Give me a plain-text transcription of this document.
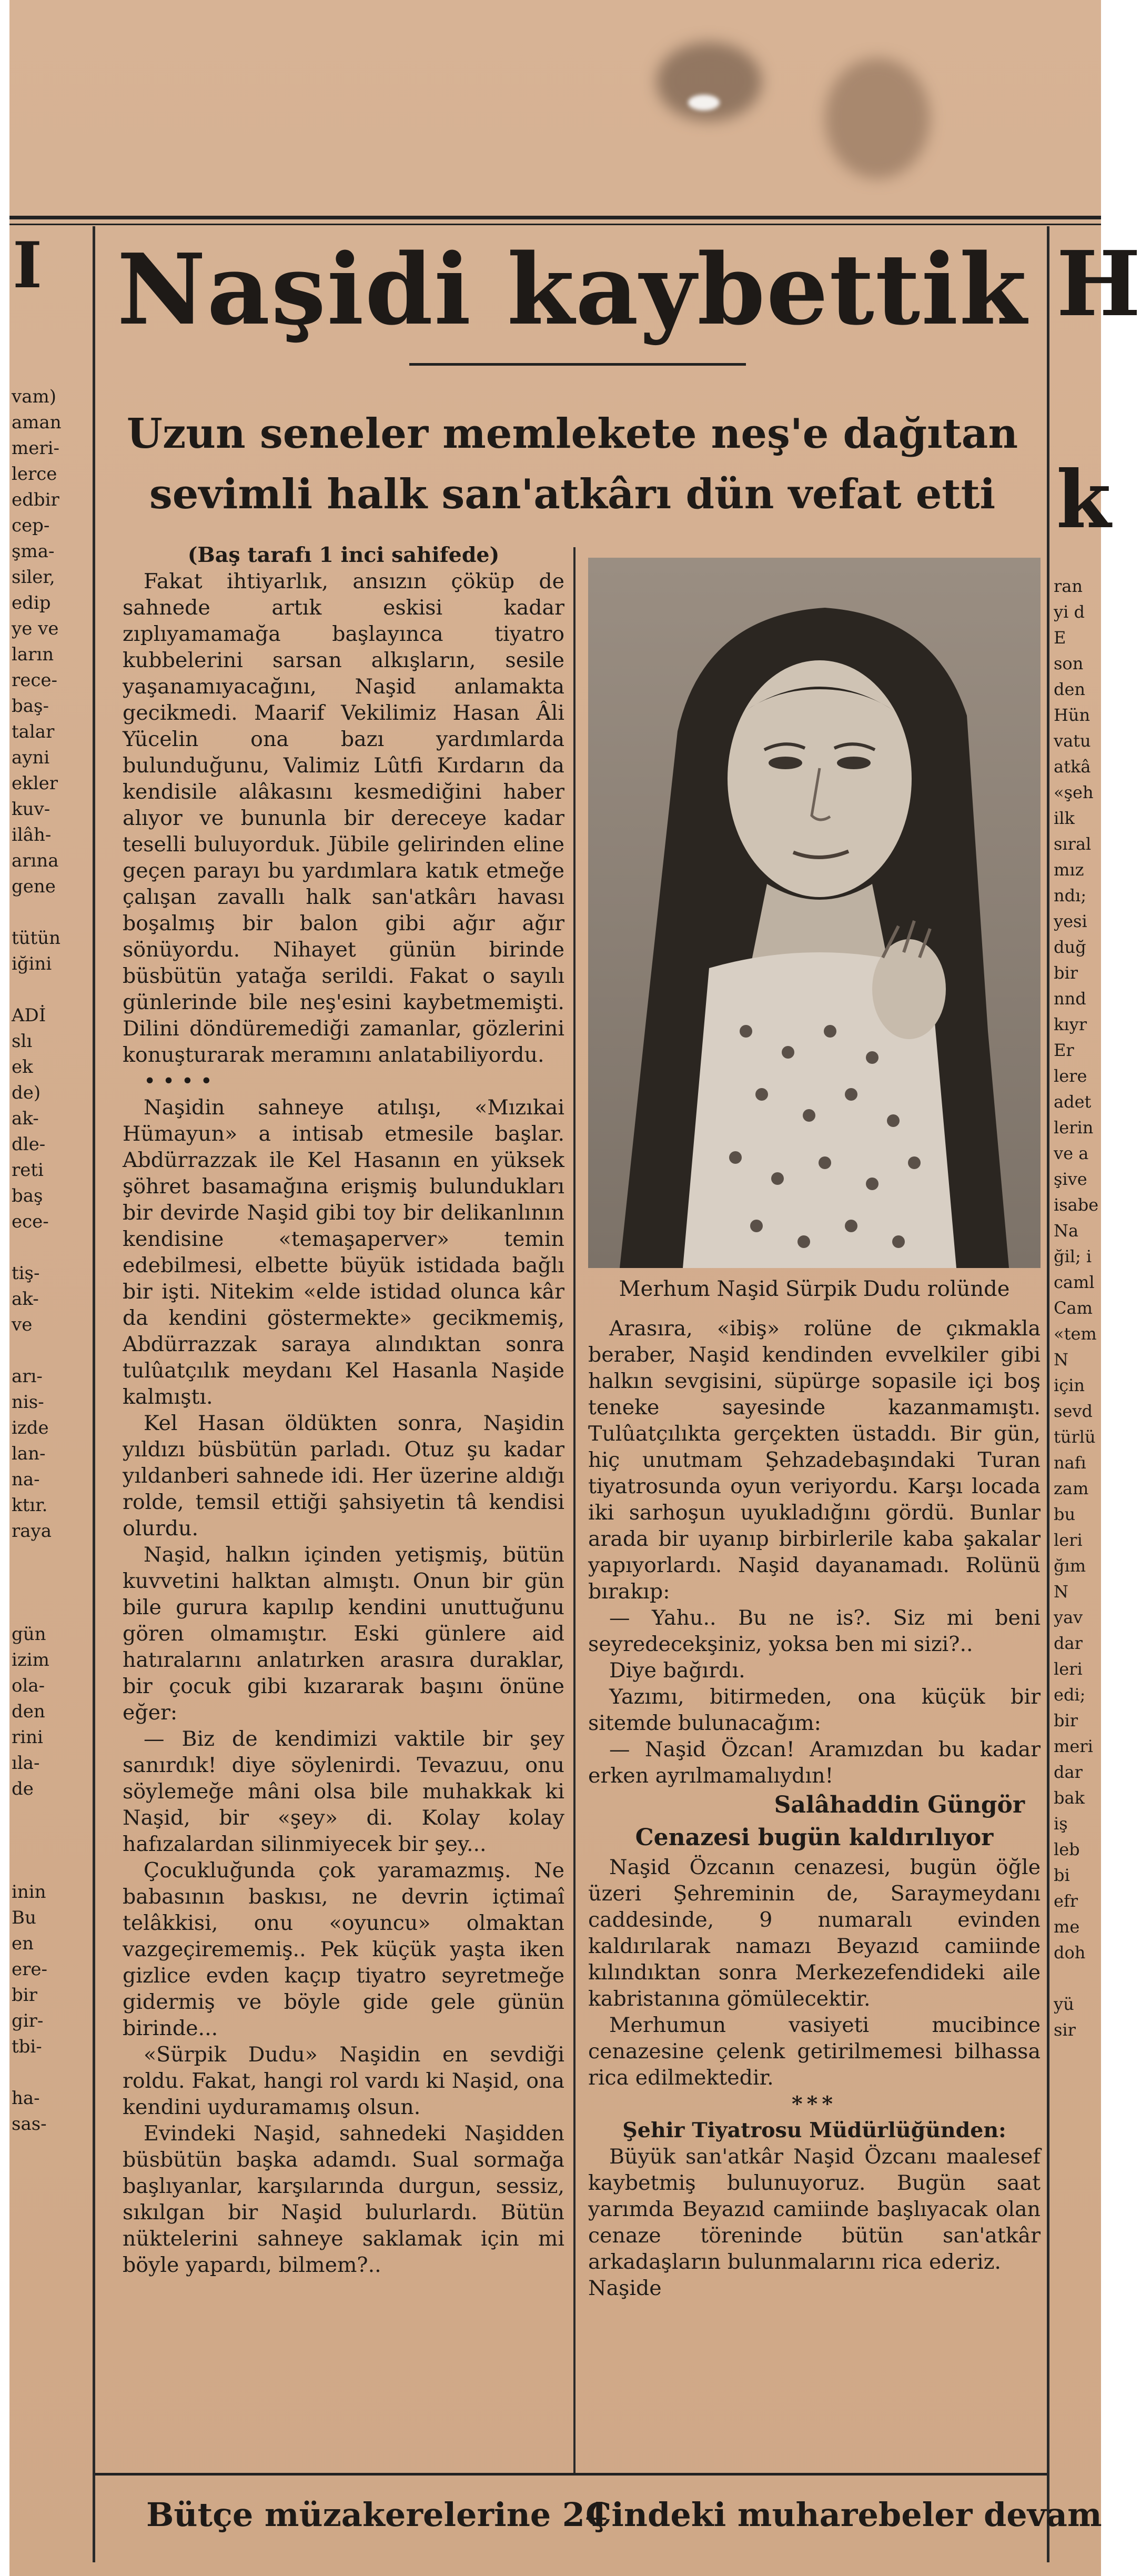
Naşidi kaybettik
Uzun seneler memlekete neş'e dağıtan
sevimli halk san'atkârı dün vefat etti

(Baş tarafı 1 inci sahifede)

Fakat ihtiyarlık, ansızın çöküp de sahnede artık eskisi kadar zıplıyamamağa başlayınca tiyatro kubbelerini sarsan alkışların, sesile yaşanamıyacağını, Naşid anlamakta gecikmedi. Maarif Vekilimiz Hasan Âli Yücelin ona bazı yardımlarda bulunduğunu, Valimiz Lûtfi Kırdarın da kendisile alâkasını kesmediğini haber alıyor ve bununla bir dereceye kadar teselli buluyorduk. Jübile gelirinden eline geçen parayı bu yardımlara katık etmeğe çalışan zavallı halk san'atkârı havası boşalmış bir balon gibi ağır ağır sönüyordu. Nihayet günün birinde büsbütün yatağa serildi. Fakat o sayılı günlerinde bile neş'esini kaybetmemişti. Dilini döndüremediği zamanlar, gözlerini konuşturarak meramını anlatabiliyordu.

• • • •

Naşidin sahneye atılışı, «Mızıkai Hümayun» a intisab etmesile başlar. Abdürrazzak ile Kel Hasanın en yüksek şöhret basamağına erişmiş bulundukları bir devirde Naşid gibi toy bir delikanlının kendisine «temaşaperver» temin edebilmesi, elbette büyük istidada bağlı bir işti. Nitekim «elde istidad olunca kâr da kendini göstermekte» gecikmemiş, Abdürrazzak saraya alındıktan sonra tulûatçılık meydanı Kel Hasanla Naşide kalmıştı.

Kel Hasan öldükten sonra, Naşidin yıldızı büsbütün parladı. Otuz şu kadar yıldanberi sahnede idi. Her üzerine aldığı rolde, temsil ettiği şahsiyetin tâ kendisi olurdu.

Naşid, halkın içinden yetişmiş, bütün kuvvetini halktan almıştı. Onun bir gün bile gurura kapılıp kendini unuttuğunu gören olmamıştır. Eski günlere aid hatıralarını anlatırken arasıra duraklar, bir çocuk gibi kızararak başını önüne eğer:

— Biz de kendimizi vaktile bir şey sanırdık! diye söylenirdi. Tevazuu, onu söylemeğe mâni olsa bile muhakkak ki Naşid, bir «şey» di. Kolay kolay hafızalardan silinmiyecek bir şey...

Çocukluğunda çok yaramazmış. Ne babasının baskısı, ne devrin içtimaî telâkkisi, onu «oyuncu» olmaktan vazgeçirememiş.. Pek küçük yaşta iken gizlice evden kaçıp tiyatro seyretmeğe gidermiş ve böyle gide gele günün birinde...

«Sürpik Dudu» Naşidin en sevdiği roldu. Fakat, hangi rol vardı ki Naşid, ona kendini uyduramamış olsun.

Evindeki Naşid, sahnedeki Naşidden büsbütün başka adamdı. Sual sormağa başlıyanlar, karşılarında durgun, sessiz, sıkılgan bir Naşid bulurlardı. Bütün nüktelerini sahneye saklamak için mi böyle yapardı, bilmem?..

Merhum Naşid Sürpik Dudu rolünde

Arasıra, «ibiş» rolüne de çıkmakla beraber, Naşid kendinden evvelkiler gibi halkın sevgisini, süpürge sopasile içi boş teneke sayesinde kazanmamıştı. Tulûatçılıkta gerçekten üstaddı. Bir gün, hiç unutmam Şehzadebaşındaki Turan tiyatrosunda oyun veriyordu. Karşı locada iki sarhoşun uyukladığını gördü. Bunlar arada bir uyanıp birbirlerile kaba şakalar yapıyorlardı. Naşid dayanamadı. Rolünü bırakıp:

— Yahu.. Bu ne is?. Siz mi beni seyredecekşiniz, yoksa ben mi sizi?..

Diye bağırdı.

Yazımı, bitirmeden, ona küçük bir sitemde bulunacağım:

— Naşid Özcan! Aramızdan bu kadar erken ayrılmamalıydın!

Salâhaddin Güngör

Cenazesi bugün kaldırılıyor

Naşid Özcanın cenazesi, bugün öğle üzeri Şehreminin de, Saraymeydanı caddesinde, 9 numaralı evinden kaldırılarak namazı Beyazıd camiinde kılındıktan sonra Merkezefendideki aile kabristanına gömülecektir.

Merhumun vasiyeti mucibince cenazesine çelenk getirilmemesi bilhassa rica edilmektedir.

***

Şehir Tiyatrosu Müdürlüğünden:

Büyük san'atkâr Naşid Özcanı maalesef kaybetmiş bulunuyoruz. Bugün saat yarımda Beyazıd camiinde başlıyacak olan cenaze töreninde bütün san'atkâr arkadaşların bulunmalarını rica ederiz.

Naşide

Bütçe müzakerelerine 24
Çindeki muharebeler devam
vam)
aman
meri-
lerce
edbir
cep-
şma-
siler,
edip
ye ve
ların
rece-
baş-
talar
ayni
ekler
kuv-
ilâh-
arına
gene
tütün
iğini
ADİ
slı
ek
de)
ak-
dle-
reti
baş
ece-
tiş-
ak-
ve
arı-
nis-
izde
lan-
na-
ktır.
raya
gün
izim
ola-
den
rini
ıla-
de
inin
Bu
en
ere-
bir
gir-
tbi-
ha-
sas-
ran
yi d
E
son
den
Hün
vatu
atkâ
«şeh
ilk
sıral
mız
ndı;
yesi
duğ
bir
nnd
kıyr
Er
lere
adet
lerin
ve a
şive
isabe
Na
ğil; i
caml
Cam
«tem
N
için
sevd
türlü
nafı
zam
bu
leri
ğım
N
yav
dar
leri
edi;
bir
meri
dar
bak
iş
leb
bi
efr
me
doh
yü
sir
H
k
I
